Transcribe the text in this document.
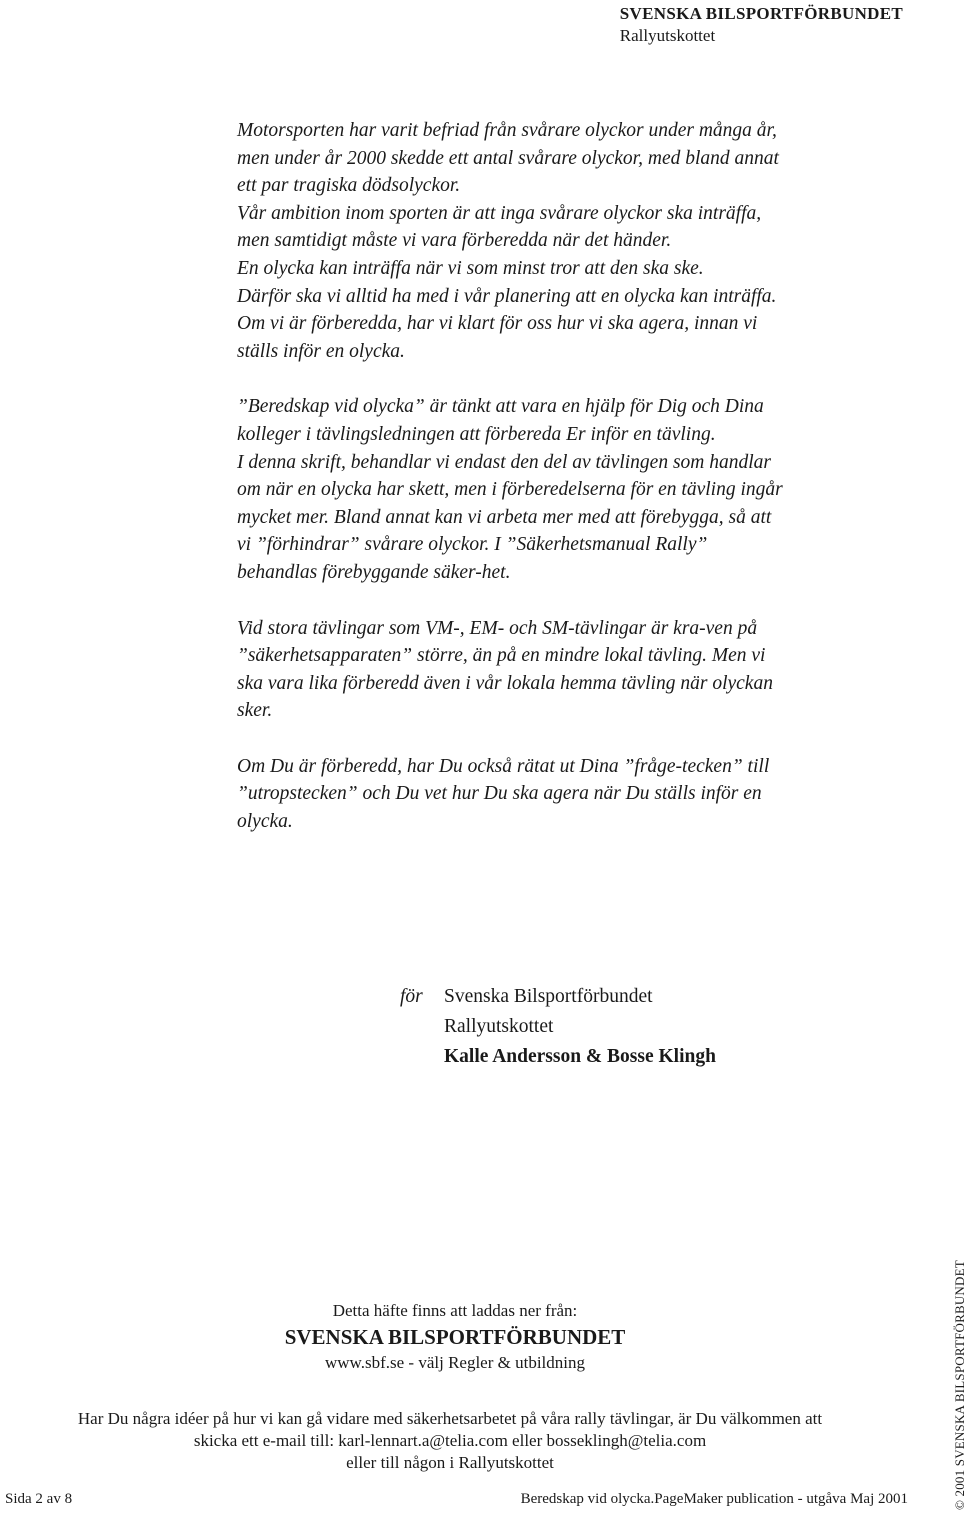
SVENSKA BILSPORTFÖRBUNDET
Rallyutskottet

Motorsporten har varit befriad från svårare olyckor under många år, men under år 2000 skedde ett antal svårare olyckor, med bland annat ett par tragiska dödsolyckor.

Vår ambition inom sporten är att inga svårare olyckor ska inträffa, men samtidigt måste vi vara förberedda när det händer.

En olycka kan inträffa när vi som minst tror att den ska ske.

Därför ska vi alltid ha med i vår planering att en olycka kan inträffa.

Om vi är förberedda, har vi klart för oss hur vi ska agera, innan vi ställs inför en olycka.

”Beredskap vid olycka” är tänkt att vara en hjälp för Dig och Dina kolleger i tävlingsledningen att förbereda Er inför en tävling.

I denna skrift, behandlar vi endast den del av tävlingen som handlar om när en olycka har skett, men i förberedelserna för en tävling ingår mycket mer. Bland annat kan vi arbeta mer med att förebygga, så att vi ”förhindrar” svårare olyckor. I ”Säkerhetsmanual Rally” behandlas förebyggande säker-het.

Vid stora tävlingar som VM-, EM- och SM-tävlingar är kra-ven på ”säkerhetsapparaten” större, än på en mindre lokal tävling. Men vi ska vara lika förberedd även i vår lokala hemma tävling när olyckan sker.

Om Du är förberedd, har Du också rätat ut Dina ”fråge-tecken” till ”utropstecken” och Du vet hur Du ska agera när Du ställs inför en olycka.

för Svenska Bilsportförbundet
Rallyutskottet
Kalle Andersson & Bosse Klingh
Detta häfte finns att laddas ner från:
SVENSKA BILSPORTFÖRBUNDET
www.sbf.se - välj Regler & utbildning
Har Du några idéer på hur vi kan gå vidare med säkerhetsarbetet på våra rally tävlingar, är Du välkommen att
skicka ett e-mail till: karl-lennart.a@telia.com eller bosseklingh@telia.com
eller till någon i Rallyutskottet
Sida 2 av 8	Beredskap vid olycka.PageMaker publication - utgåva Maj 2001	© 2001 SVENSKA BILSPORTFÖRBUNDET
